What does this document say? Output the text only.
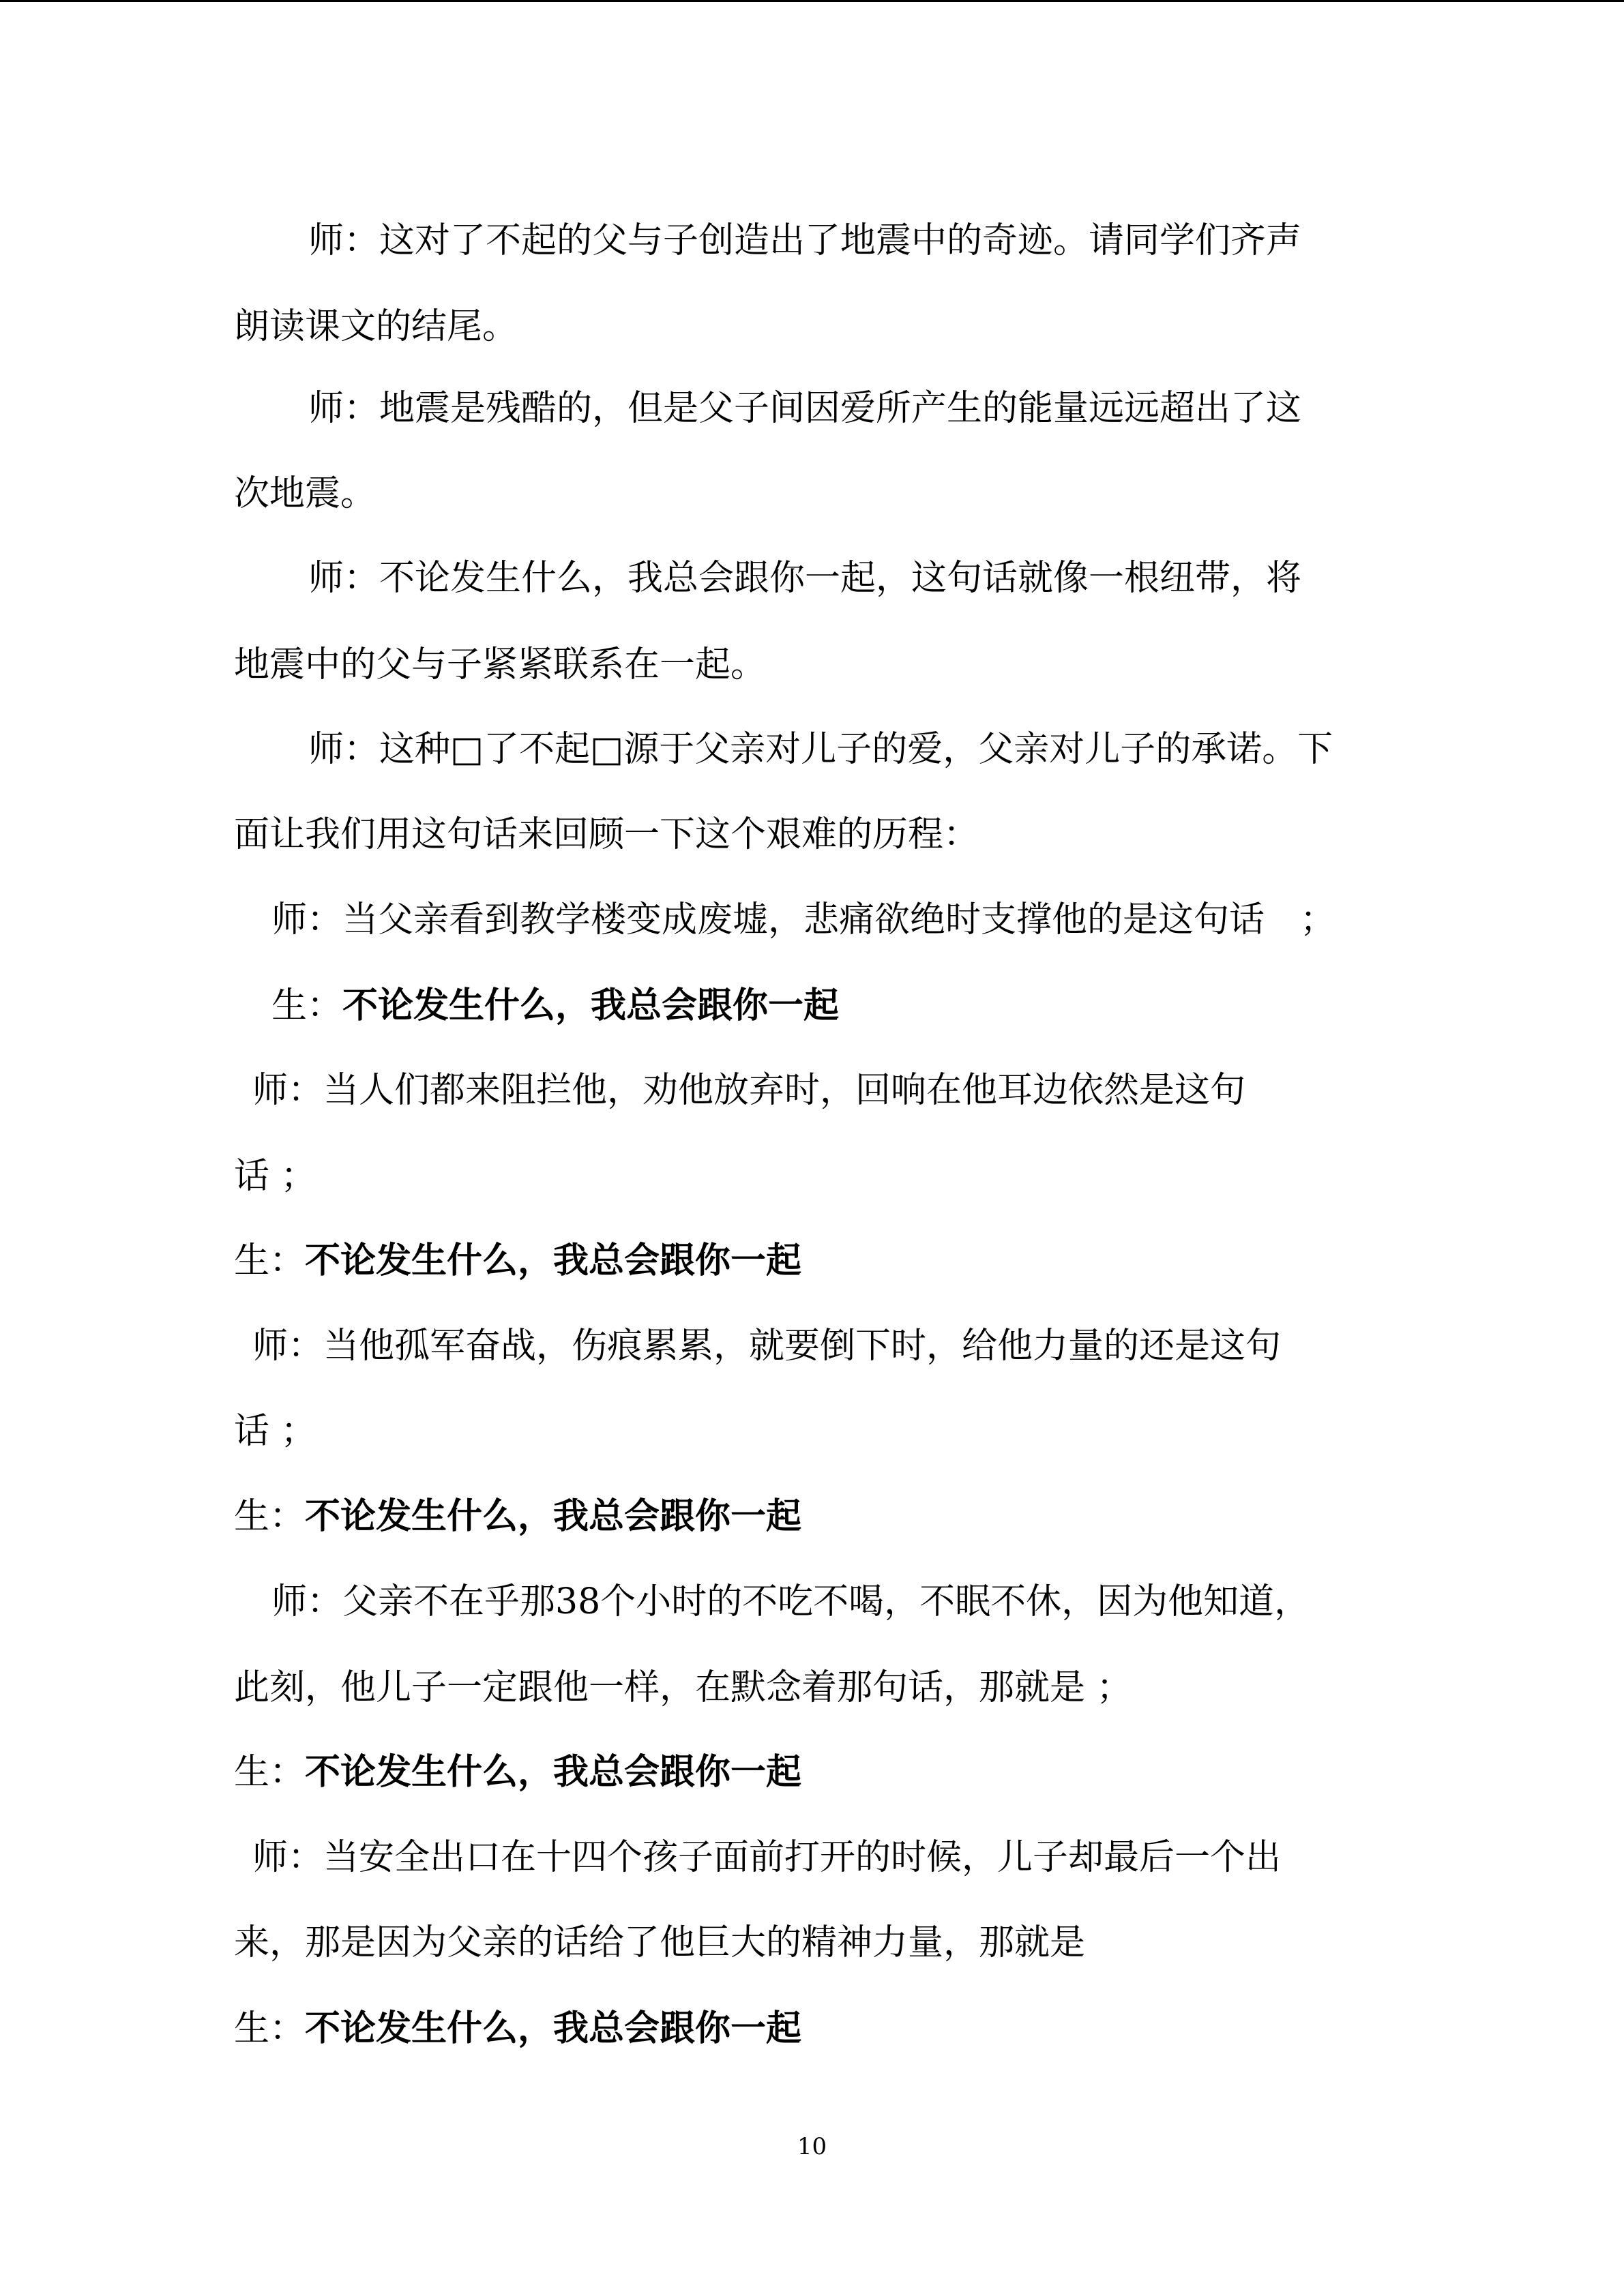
师：这对了不起的父与子创造出了地震中的奇迹。请同学们齐声
朗读课文的结尾。
师：地震是残酷的，但是父子间因爱所产生的能量远远超出了这
次地震。
师：不论发生什么，我总会跟你一起，这句话就像一根纽带，将
地震中的父与子紧紧联系在一起。
师：这种□了不起□源于父亲对儿子的爱，父亲对儿子的承诺。下
面让我们用这句话来回顾一下这个艰难的历程：
师：当父亲看到教学楼变成废墟，悲痛欲绝时支撑他的是这句话　；
生：不论发生什么，我总会跟你一起
师：当人们都来阻拦他，劝他放弃时，回响在他耳边依然是这句
话 ；
生：不论发生什么，我总会跟你一起
师：当他孤军奋战，伤痕累累，就要倒下时，给他力量的还是这句
话 ；
生：不论发生什么，我总会跟你一起
师：父亲不在乎那38个小时的不吃不喝，不眠不休，因为他知道，
此刻，他儿子一定跟他一样，在默念着那句话，那就是 ；
生：不论发生什么，我总会跟你一起
师：当安全出口在十四个孩子面前打开的时候，儿子却最后一个出
来，那是因为父亲的话给了他巨大的精神力量，那就是
生：不论发生什么，我总会跟你一起
10
